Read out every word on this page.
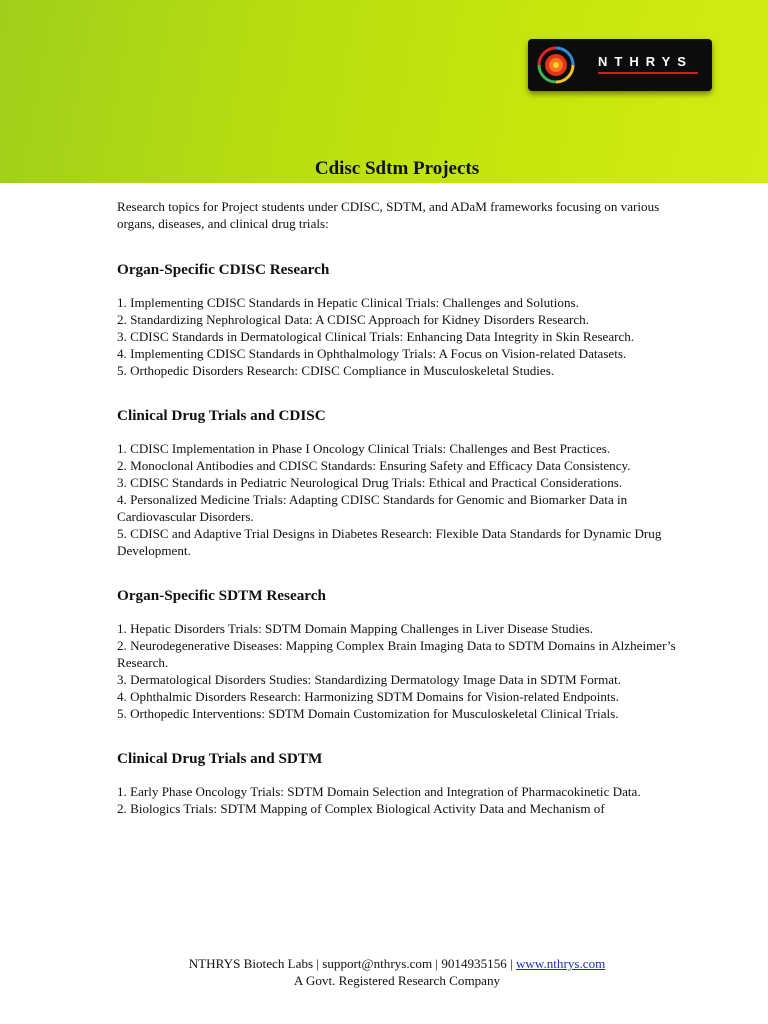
NTHRYS
Cdisc Sdtm Projects

Research topics for Project students under CDISC, SDTM, and ADaM frameworks focusing on various organs, diseases, and clinical drug trials:

Organ-Specific CDISC Research

1. Implementing CDISC Standards in Hepatic Clinical Trials: Challenges and Solutions.

2. Standardizing Nephrological Data: A CDISC Approach for Kidney Disorders Research.

3. CDISC Standards in Dermatological Clinical Trials: Enhancing Data Integrity in Skin Research.

4. Implementing CDISC Standards in Ophthalmology Trials: A Focus on Vision-related Datasets.

5. Orthopedic Disorders Research: CDISC Compliance in Musculoskeletal Studies.

Clinical Drug Trials and CDISC

1. CDISC Implementation in Phase I Oncology Clinical Trials: Challenges and Best Practices.

2. Monoclonal Antibodies and CDISC Standards: Ensuring Safety and Efficacy Data Consistency.

3. CDISC Standards in Pediatric Neurological Drug Trials: Ethical and Practical Considerations.

4. Personalized Medicine Trials: Adapting CDISC Standards for Genomic and Biomarker Data in Cardiovascular Disorders.

5. CDISC and Adaptive Trial Designs in Diabetes Research: Flexible Data Standards for Dynamic Drug Development.

Organ-Specific SDTM Research

1. Hepatic Disorders Trials: SDTM Domain Mapping Challenges in Liver Disease Studies.

2. Neurodegenerative Diseases: Mapping Complex Brain Imaging Data to SDTM Domains in Alzheimer’s Research.

3. Dermatological Disorders Studies: Standardizing Dermatology Image Data in SDTM Format.

4. Ophthalmic Disorders Research: Harmonizing SDTM Domains for Vision-related Endpoints.

5. Orthopedic Interventions: SDTM Domain Customization for Musculoskeletal Clinical Trials.

Clinical Drug Trials and SDTM

1. Early Phase Oncology Trials: SDTM Domain Selection and Integration of Pharmacokinetic Data.

2. Biologics Trials: SDTM Mapping of Complex Biological Activity Data and Mechanism of

NTHRYS Biotech Labs | support@nthrys.com | 9014935156 | www.nthrys.com
A Govt. Registered Research Company
